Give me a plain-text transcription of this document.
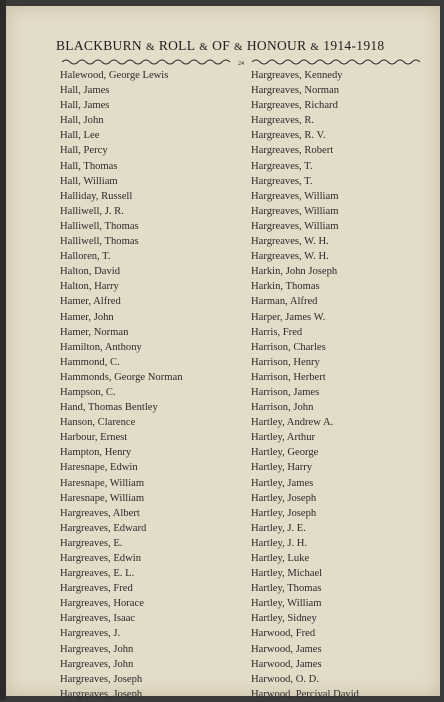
BLACKBURN & ROLL & OF & HONOUR & 1914-1918
24
Halewood, George Lewis
Hall, James
Hall, James
Hall, John
Hall, Lee
Hall, Percy
Hall, Thomas
Hall, William
Halliday, Russell
Halliwell, J. R.
Halliwell, Thomas
Halliwell, Thomas
Halloren, T.
Halton, David
Halton, Harry
Hamer, Alfred
Hamer, John
Hamer, Norman
Hamilton, Anthony
Hammond, C.
Hammonds, George Norman
Hampson, C.
Hand, Thomas Bentley
Hanson, Clarence
Harbour, Ernest
Hampton, Henry
Haresnape, Edwin
Haresnape, William
Haresnape, William
Hargreaves, Albert
Hargreaves, Edward
Hargreaves, E.
Hargreaves, Edwin
Hargreaves, E. L.
Hargreaves, Fred
Hargreaves, Horace
Hargreaves, Isaac
Hargreaves, J.
Hargreaves, John
Hargreaves, John
Hargreaves, Joseph
Hargreaves, Joseph
Hargreaves, Kennedy
Hargreaves, Norman
Hargreaves, Richard
Hargreaves, R.
Hargreaves, R. V.
Hargreaves, Robert
Hargreaves, T.
Hargreaves, T.
Hargreaves, William
Hargreaves, William
Hargreaves, William
Hargreaves, W. H.
Hargreaves, W. H.
Harkin, John Joseph
Harkin, Thomas
Harman, Alfred
Harper, James W.
Harris, Fred
Harrison, Charles
Harrison, Henry
Harrison, Herbert
Harrison, James
Harrison, John
Hartley, Andrew A.
Hartley, Arthur
Hartley, George
Hartley, Harry
Hartley, James
Hartley, Joseph
Hartley, Joseph
Hartley, J. E.
Hartley, J. H.
Hartley, Luke
Hartley, Michael
Hartley, Thomas
Hartley, William
Hartley, Sidney
Harwood, Fred
Harwood, James
Harwood, James
Harwood, O. D.
Harwood, Percival David
